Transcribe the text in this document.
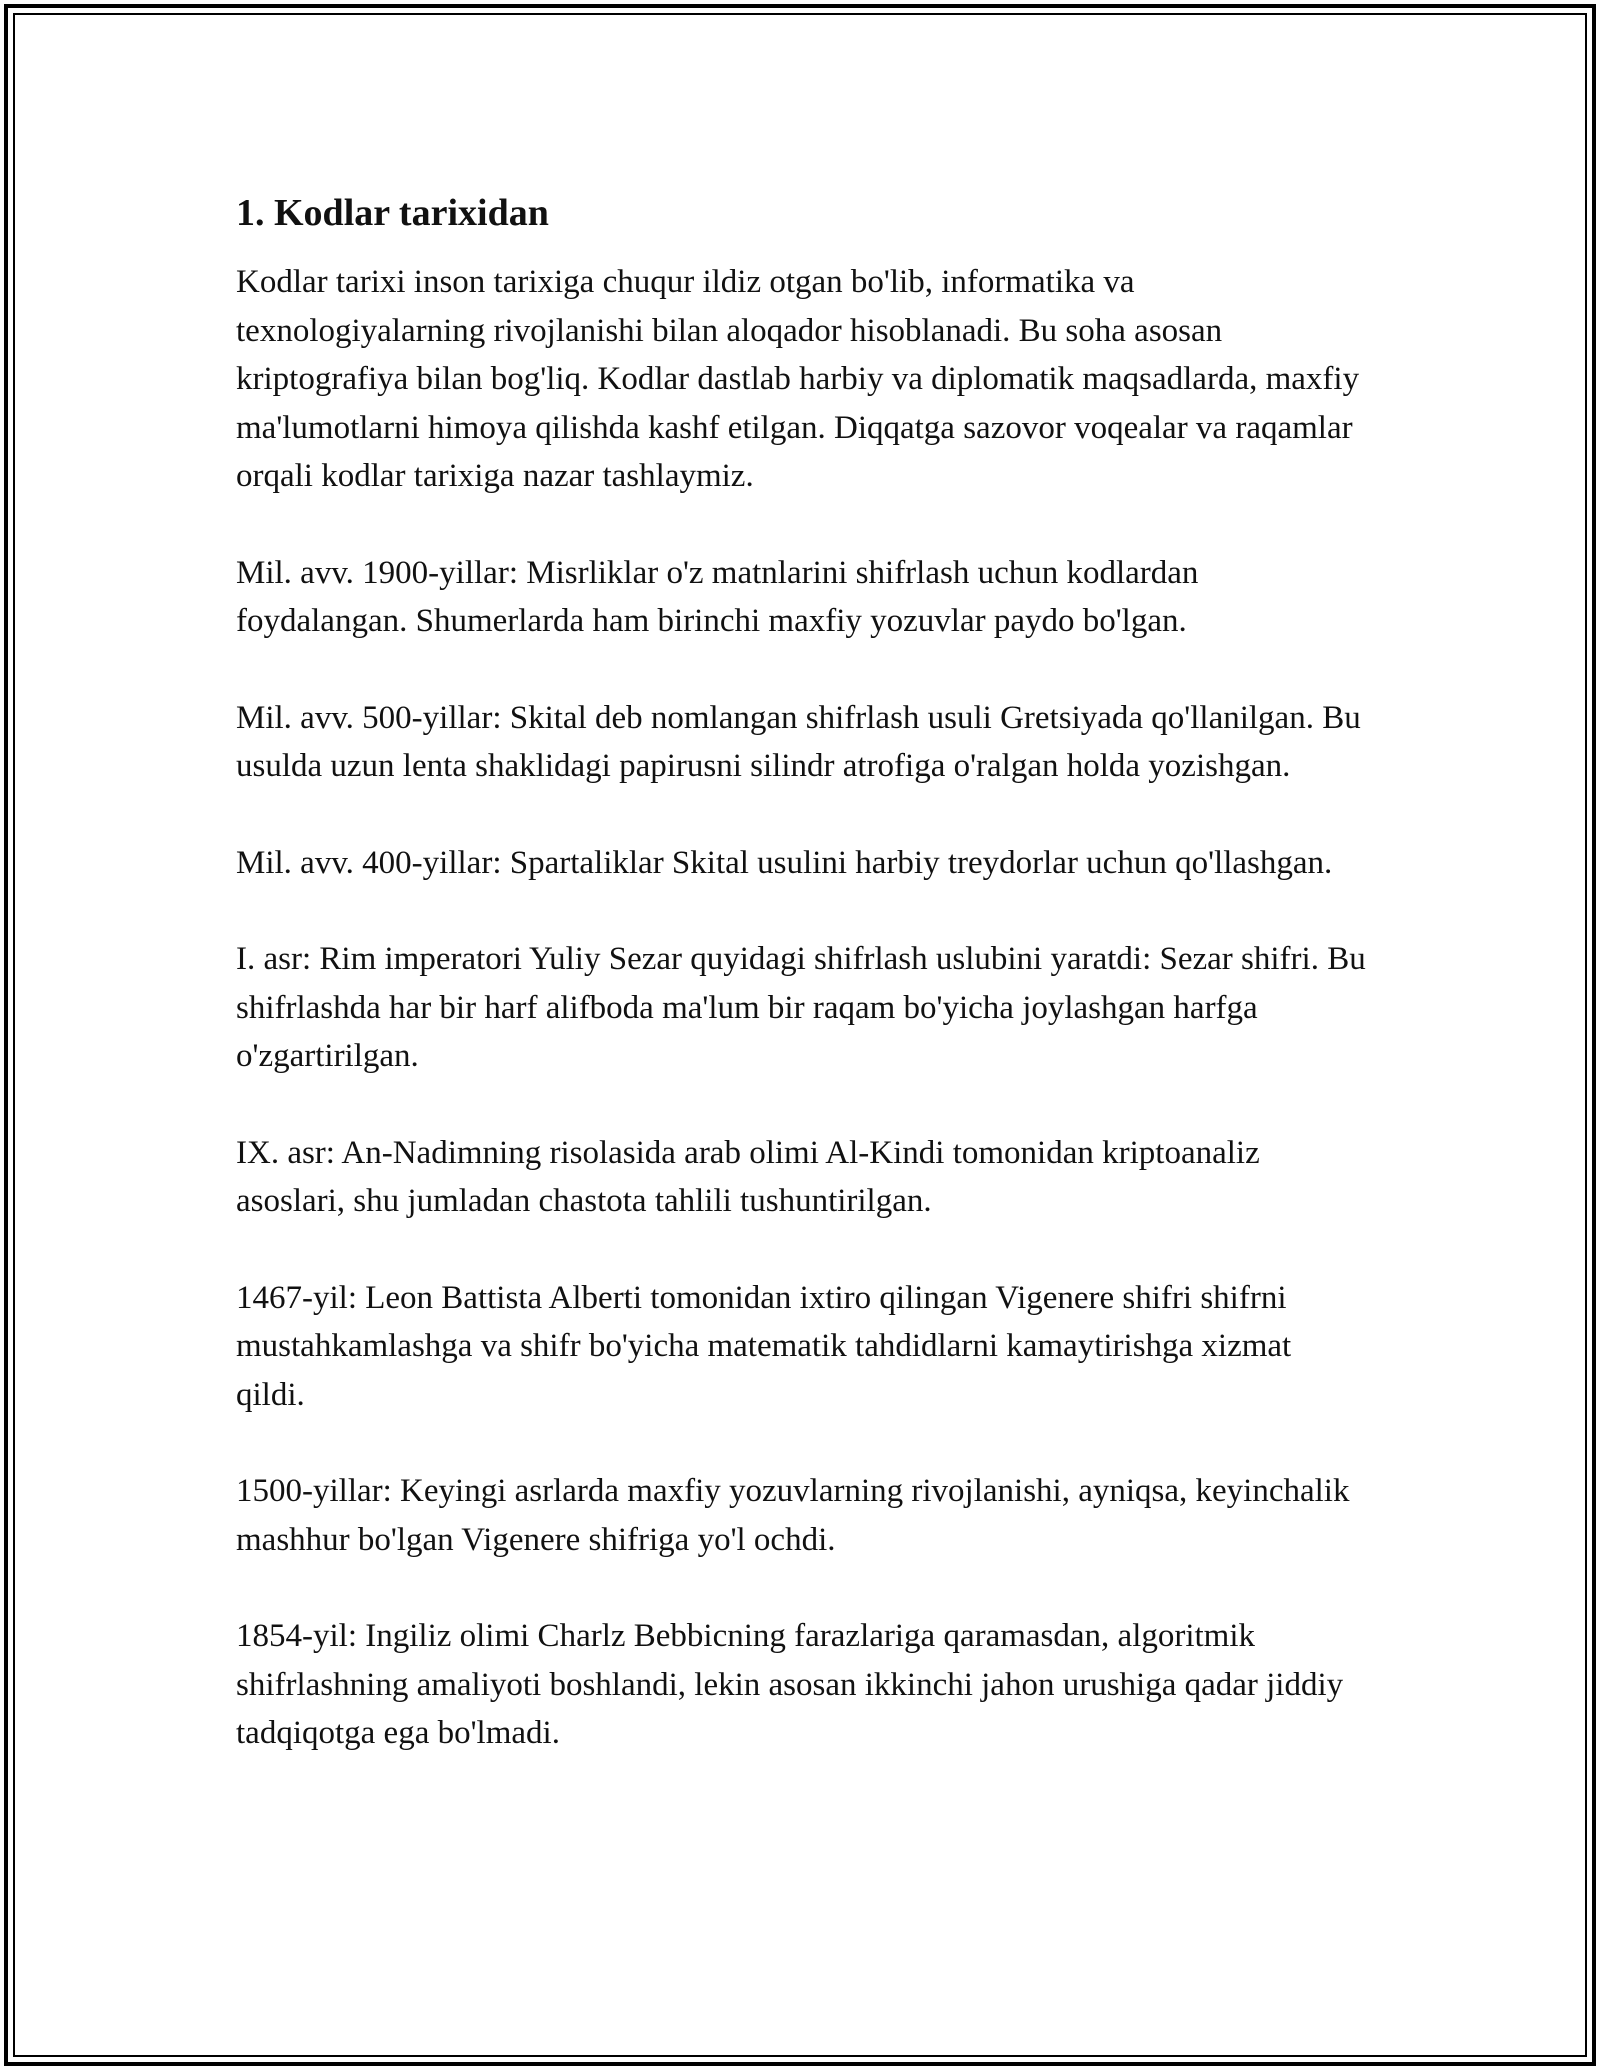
1. Kodlar tarixidan

Kodlar tarixi inson tarixiga chuqur ildiz otgan bo'lib, informatika va texnologiyalarning rivojlanishi bilan aloqador hisoblanadi. Bu soha asosan kriptografiya bilan bog'liq. Kodlar dastlab harbiy va diplomatik maqsadlarda, maxfiy ma'lumotlarni himoya qilishda kashf etilgan. Diqqatga sazovor voqealar va raqamlar orqali kodlar tarixiga nazar tashlaymiz.

Mil. avv. 1900-yillar: Misrliklar o'z matnlarini shifrlash uchun kodlardan foydalangan. Shumerlarda ham birinchi maxfiy yozuvlar paydo bo'lgan.

Mil. avv. 500-yillar: Skital deb nomlangan shifrlash usuli Gretsiyada qo'llanilgan. Bu usulda uzun lenta shaklidagi papirusni silindr atrofiga o'ralgan holda yozishgan.

Mil. avv. 400-yillar: Spartaliklar Skital usulini harbiy treydorlar uchun qo'llashgan.

I. asr: Rim imperatori Yuliy Sezar quyidagi shifrlash uslubini yaratdi: Sezar shifri. Bu shifrlashda har bir harf alifboda ma'lum bir raqam bo'yicha joylashgan harfga o'zgartirilgan.

IX. asr: An-Nadimning risolasida arab olimi Al-Kindi tomonidan kriptoanaliz asoslari, shu jumladan chastota tahlili tushuntirilgan.

1467-yil: Leon Battista Alberti tomonidan ixtiro qilingan Vigenere shifri shifrni mustahkamlashga va shifr bo'yicha matematik tahdidlarni kamaytirishga xizmat qildi.

1500-yillar: Keyingi asrlarda maxfiy yozuvlarning rivojlanishi, ayniqsa, keyinchalik mashhur bo'lgan Vigenere shifriga yo'l ochdi.

1854-yil: Ingiliz olimi Charlz Bebbicning farazlariga qaramasdan, algoritmik shifrlashning amaliyoti boshlandi, lekin asosan ikkinchi jahon urushiga qadar jiddiy tadqiqotga ega bo'lmadi.
